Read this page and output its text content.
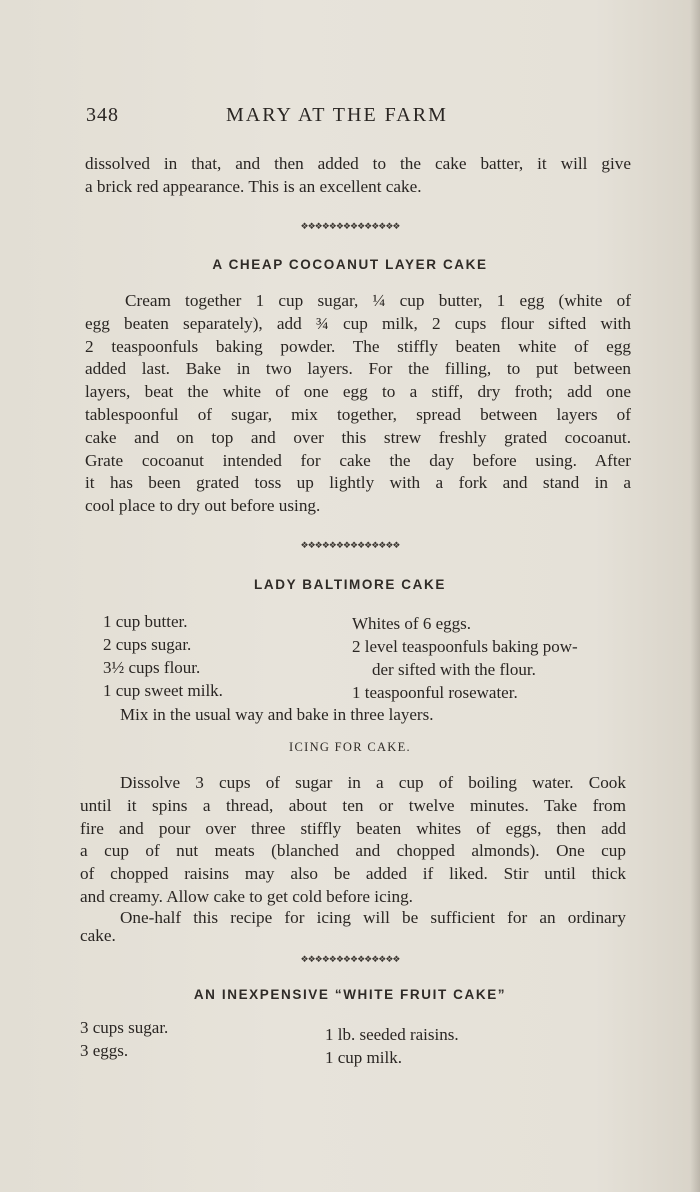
348	MARY AT THE FARM
dissolved in that, and then added to the cake batter, it will give
a brick red appearance. This is an excellent cake.
❖❖❖❖❖❖❖❖❖❖❖❖❖❖
A CHEAP COCOANUT LAYER CAKE
Cream together 1 cup sugar, ¼ cup butter, 1 egg (white of
egg beaten separately), add ¾ cup milk, 2 cups flour sifted with
2 teaspoonfuls baking powder. The stiffly beaten white of egg
added last. Bake in two layers. For the filling, to put between
layers, beat the white of one egg to a stiff, dry froth; add one
tablespoonful of sugar, mix together, spread between layers of
cake and on top and over this strew freshly grated cocoanut.
Grate cocoanut intended for cake the day before using. After
it has been grated toss up lightly with a fork and stand in a
cool place to dry out before using.
❖❖❖❖❖❖❖❖❖❖❖❖❖❖
LADY BALTIMORE CAKE
1 cup butter.
2 cups sugar.
3½ cups flour.
1 cup sweet milk.
Whites of 6 eggs.
2 level teaspoonfuls baking pow-
der sifted with the flour.
1 teaspoonful rosewater.
Mix in the usual way and bake in three layers.
ICING FOR CAKE.
Dissolve 3 cups of sugar in a cup of boiling water. Cook
until it spins a thread, about ten or twelve minutes. Take from
fire and pour over three stiffly beaten whites of eggs, then add
a cup of nut meats (blanched and chopped almonds). One cup
of chopped raisins may also be added if liked. Stir until thick
and creamy. Allow cake to get cold before icing.
One-half this recipe for icing will be sufficient for an ordinary
cake.
❖❖❖❖❖❖❖❖❖❖❖❖❖❖
AN INEXPENSIVE “WHITE FRUIT CAKE”
3 cups sugar.
3 eggs.
1 lb. seeded raisins.
1 cup milk.
